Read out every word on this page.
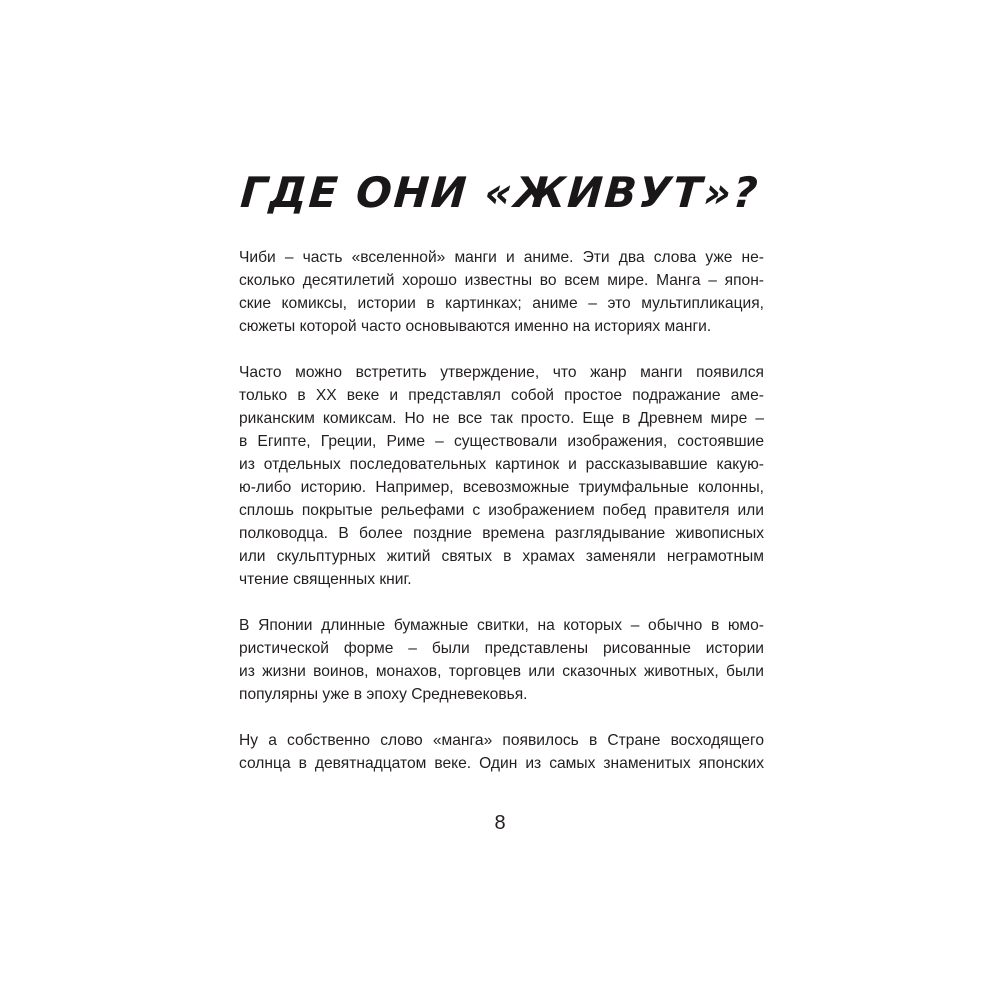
ГДЕ ОНИ «ЖИВУТ»?
Чиби – часть «вселенной» манги и аниме. Эти два слова уже не-
сколько десятилетий хорошо известны во всем мире. Манга – япон-
ские комиксы, истории в картинках; аниме – это мультипликация,
сюжеты которой часто основываются именно на историях манги.
Часто можно встретить утверждение, что жанр манги появился
только в XX веке и представлял собой простое подражание аме-
риканским комиксам. Но не все так просто. Еще в Древнем мире –
в Египте, Греции, Риме – существовали изображения, состоявшие
из отдельных последовательных картинок и рассказывавшие какую-
ю-либо историю. Например, всевозможные триумфальные колонны,
сплошь покрытые рельефами с изображением побед правителя или
полководца. В более поздние времена разглядывание живописных
или скульптурных житий святых в храмах заменяли неграмотным
чтение священных книг.
В Японии длинные бумажные свитки, на которых – обычно в юмо-
ристической форме – были представлены рисованные истории
из жизни воинов, монахов, торговцев или сказочных животных, были
популярны уже в эпоху Средневековья.
Ну а собственно слово «манга» появилось в Стране восходящего
солнца в девятнадцатом веке. Один из самых знаменитых японских
8
